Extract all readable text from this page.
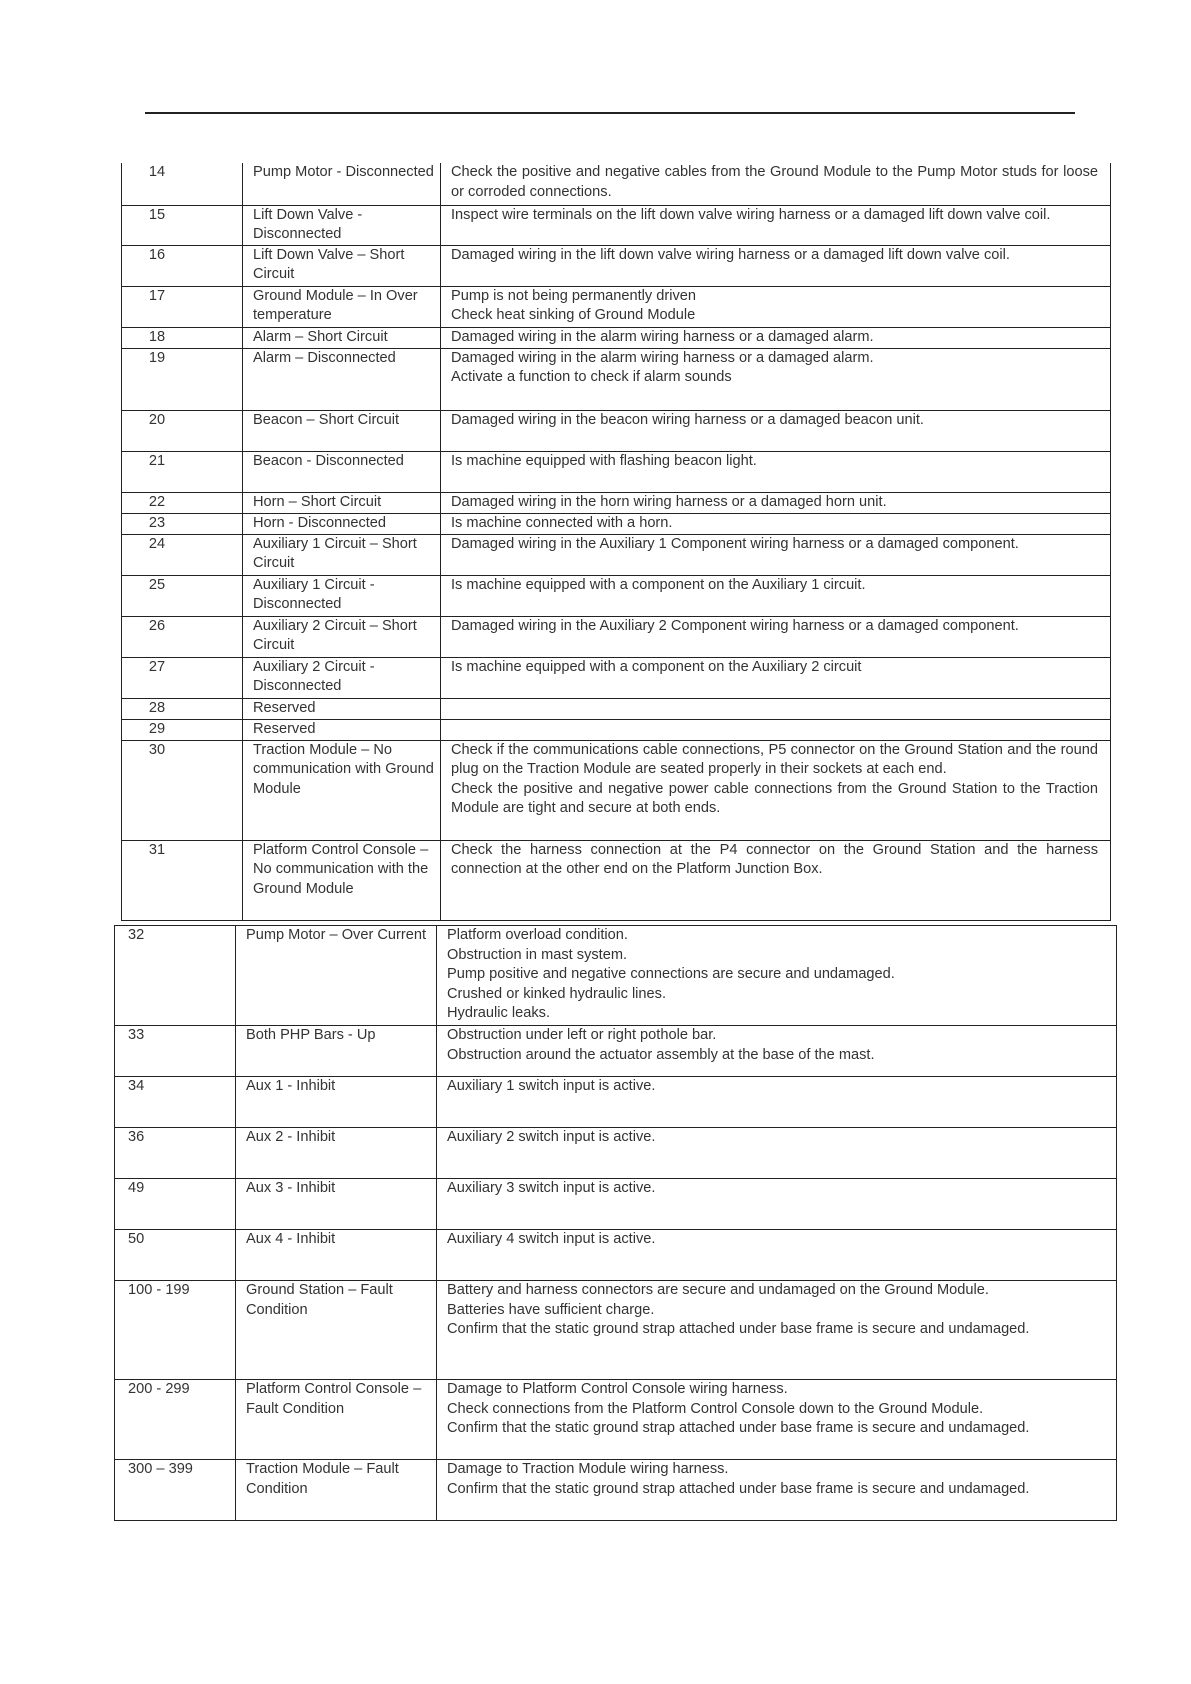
14	Pump Motor - Disconnected	Check the positive and negative cables from the Ground Module to the Pump Motor studs for loose or corroded connections.

15	Lift Down Valve - Disconnected	Inspect wire terminals on the lift down valve wiring harness or a damaged lift down valve coil.

16	Lift Down Valve – Short Circuit	Damaged wiring in the lift down valve wiring harness or a damaged lift down valve coil.

17	Ground Module – In Over temperature	Pump is not being permanently driven
Check heat sinking of Ground Module

18	Alarm – Short Circuit	Damaged wiring in the alarm wiring harness or a damaged alarm.

19	Alarm – Disconnected	Damaged wiring in the alarm wiring harness or a damaged alarm.
Activate a function to check if alarm sounds

20	Beacon – Short Circuit	Damaged wiring in the beacon wiring harness or a damaged beacon unit.

21	Beacon - Disconnected	Is machine equipped with flashing beacon light.

22	Horn – Short Circuit	Damaged wiring in the horn wiring harness or a damaged horn unit.

23	Horn - Disconnected	Is machine connected with a horn.

24	Auxiliary 1 Circuit – Short Circuit	Damaged wiring in the Auxiliary 1 Component wiring harness or a damaged component.

25	Auxiliary 1 Circuit - Disconnected	Is machine equipped with a component on the Auxiliary 1 circuit.

26	Auxiliary 2 Circuit – Short Circuit	Damaged wiring in the Auxiliary 2 Component wiring harness or a damaged component.

27	Auxiliary 2 Circuit - Disconnected	Is machine equipped with a component on the Auxiliary 2 circuit

28	Reserved	

29	Reserved	

30	Traction Module – No communication with Ground Module	Check if the communications cable connections, P5 connector on the Ground Station and the round plug on the Traction Module are seated properly in their sockets at each end.
Check the positive and negative power cable connections from the Ground Station to the Traction Module are tight and secure at both ends.

31	Platform Control Console – No communication with the Ground Module	Check the harness connection at the P4 connector on the Ground Station and the harness connection at the other end on the Platform Junction Box.
32	Pump Motor – Over Current	Platform overload condition.
Obstruction in mast system.
Pump positive and negative connections are secure and undamaged.
Crushed or kinked hydraulic lines.
Hydraulic leaks.

33	Both PHP Bars - Up	Obstruction under left or right pothole bar.
Obstruction around the actuator assembly at the base of the mast.

34	Aux 1 - Inhibit	Auxiliary 1 switch input is active.

36	Aux 2 - Inhibit	Auxiliary 2 switch input is active.

49	Aux 3 - Inhibit	Auxiliary 3 switch input is active.

50	Aux 4 - Inhibit	Auxiliary 4 switch input is active.

100 - 199	Ground Station – Fault Condition	Battery and harness connectors are secure and undamaged on the Ground Module.
Batteries have sufficient charge.
Confirm that the static ground strap attached under base frame is secure and undamaged.

200 - 299	Platform Control Console – Fault Condition	Damage to Platform Control Console wiring harness.
Check connections from the Platform Control Console down to the Ground Module.
Confirm that the static ground strap attached under base frame is secure and undamaged.

300 – 399	Traction Module – Fault Condition	Damage to Traction Module wiring harness.
Confirm that the static ground strap attached under base frame is secure and undamaged.
